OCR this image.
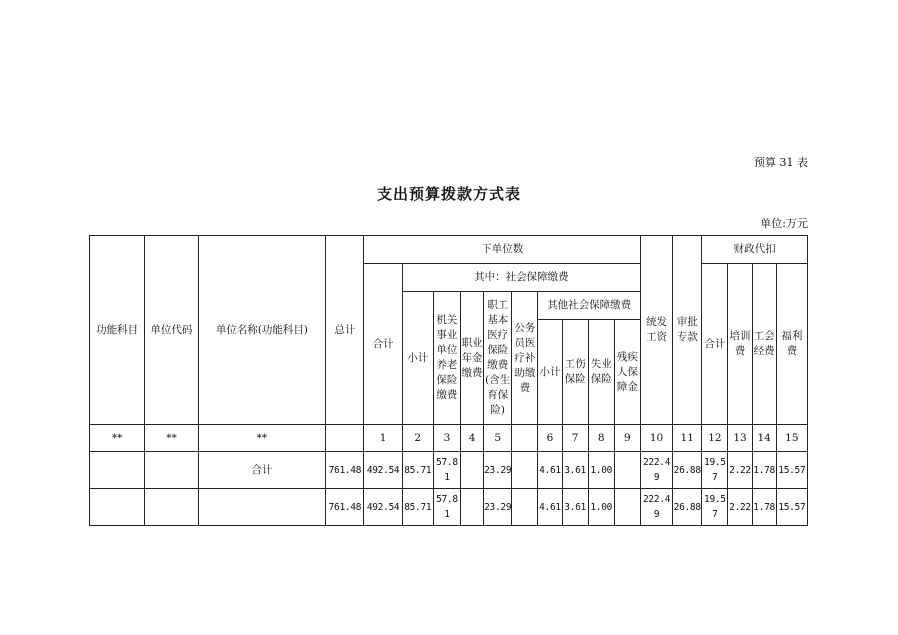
预算 31 表
支出预算拨款方式表
单位:万元
功能科目	单位代码	单位名称(功能科目)	总计	下单位数										统发工资	审批专款	财政代扣			
				合计	其中：社会保障缴费											合计	培训费	工会经费	福利费
					小计	机关事业单位养老保险缴费	职业年金缴费	职工基本医疗保险缴费(含生育保险)	公务员医疗补助缴费	其他社会保障缴费									
										小计	工伤保险	失业保险	残疾人保障金						
**	**	**		1	2	3	4	5		6	7	8	9	10	11	12	13	14	15
		合计	761.48	492.54	85.71	57.81		23.29		4.61	3.61	1.00		222.49	26.88	19.57	2.22	1.78	15.57
			761.48	492.54	85.71	57.81		23.29		4.61	3.61	1.00		222.49	26.88	19.57	2.22	1.78	15.57
